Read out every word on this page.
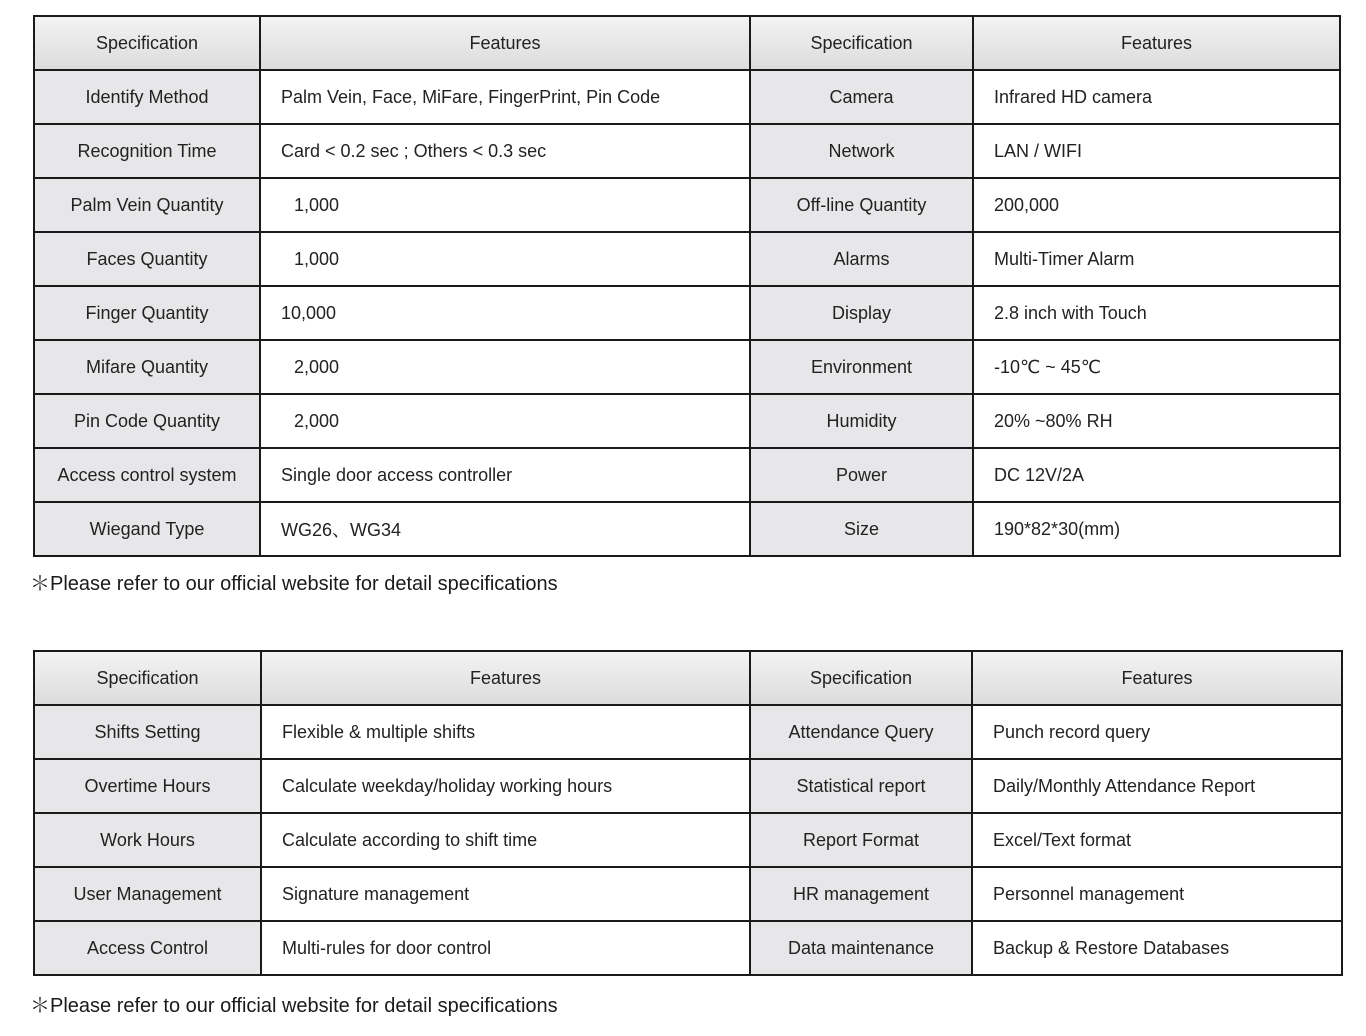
Specification	Features	Specification	Features
Identify Method	Palm Vein, Face, MiFare, FingerPrint, Pin Code	Camera	Infrared HD camera
Recognition Time	Card < 0.2 sec ; Others < 0.3 sec	Network	LAN / WIFI
Palm Vein Quantity	1,000	Off-line Quantity	200,000
Faces Quantity	1,000	Alarms	Multi-Timer Alarm
Finger Quantity	10,000	Display	2.8 inch with Touch
Mifare Quantity	2,000	Environment	-10℃ ~ 45℃
Pin Code Quantity	2,000	Humidity	20% ~80% RH
Access control system	Single door access controller	Power	DC 12V/2A
Wiegand Type	WG26、WG34	Size	190*82*30(mm)
＊Please refer to our official website for detail specifications
Specification	Features	Specification	Features
Shifts Setting	Flexible & multiple shifts	Attendance Query	Punch record query
Overtime Hours	Calculate weekday/holiday working hours	Statistical report	Daily/Monthly Attendance Report
Work Hours	Calculate according to shift time	Report Format	Excel/Text format
User Management	Signature management	HR management	Personnel management
Access Control	Multi-rules for door control	Data maintenance	Backup & Restore Databases
＊Please refer to our official website for detail specifications
